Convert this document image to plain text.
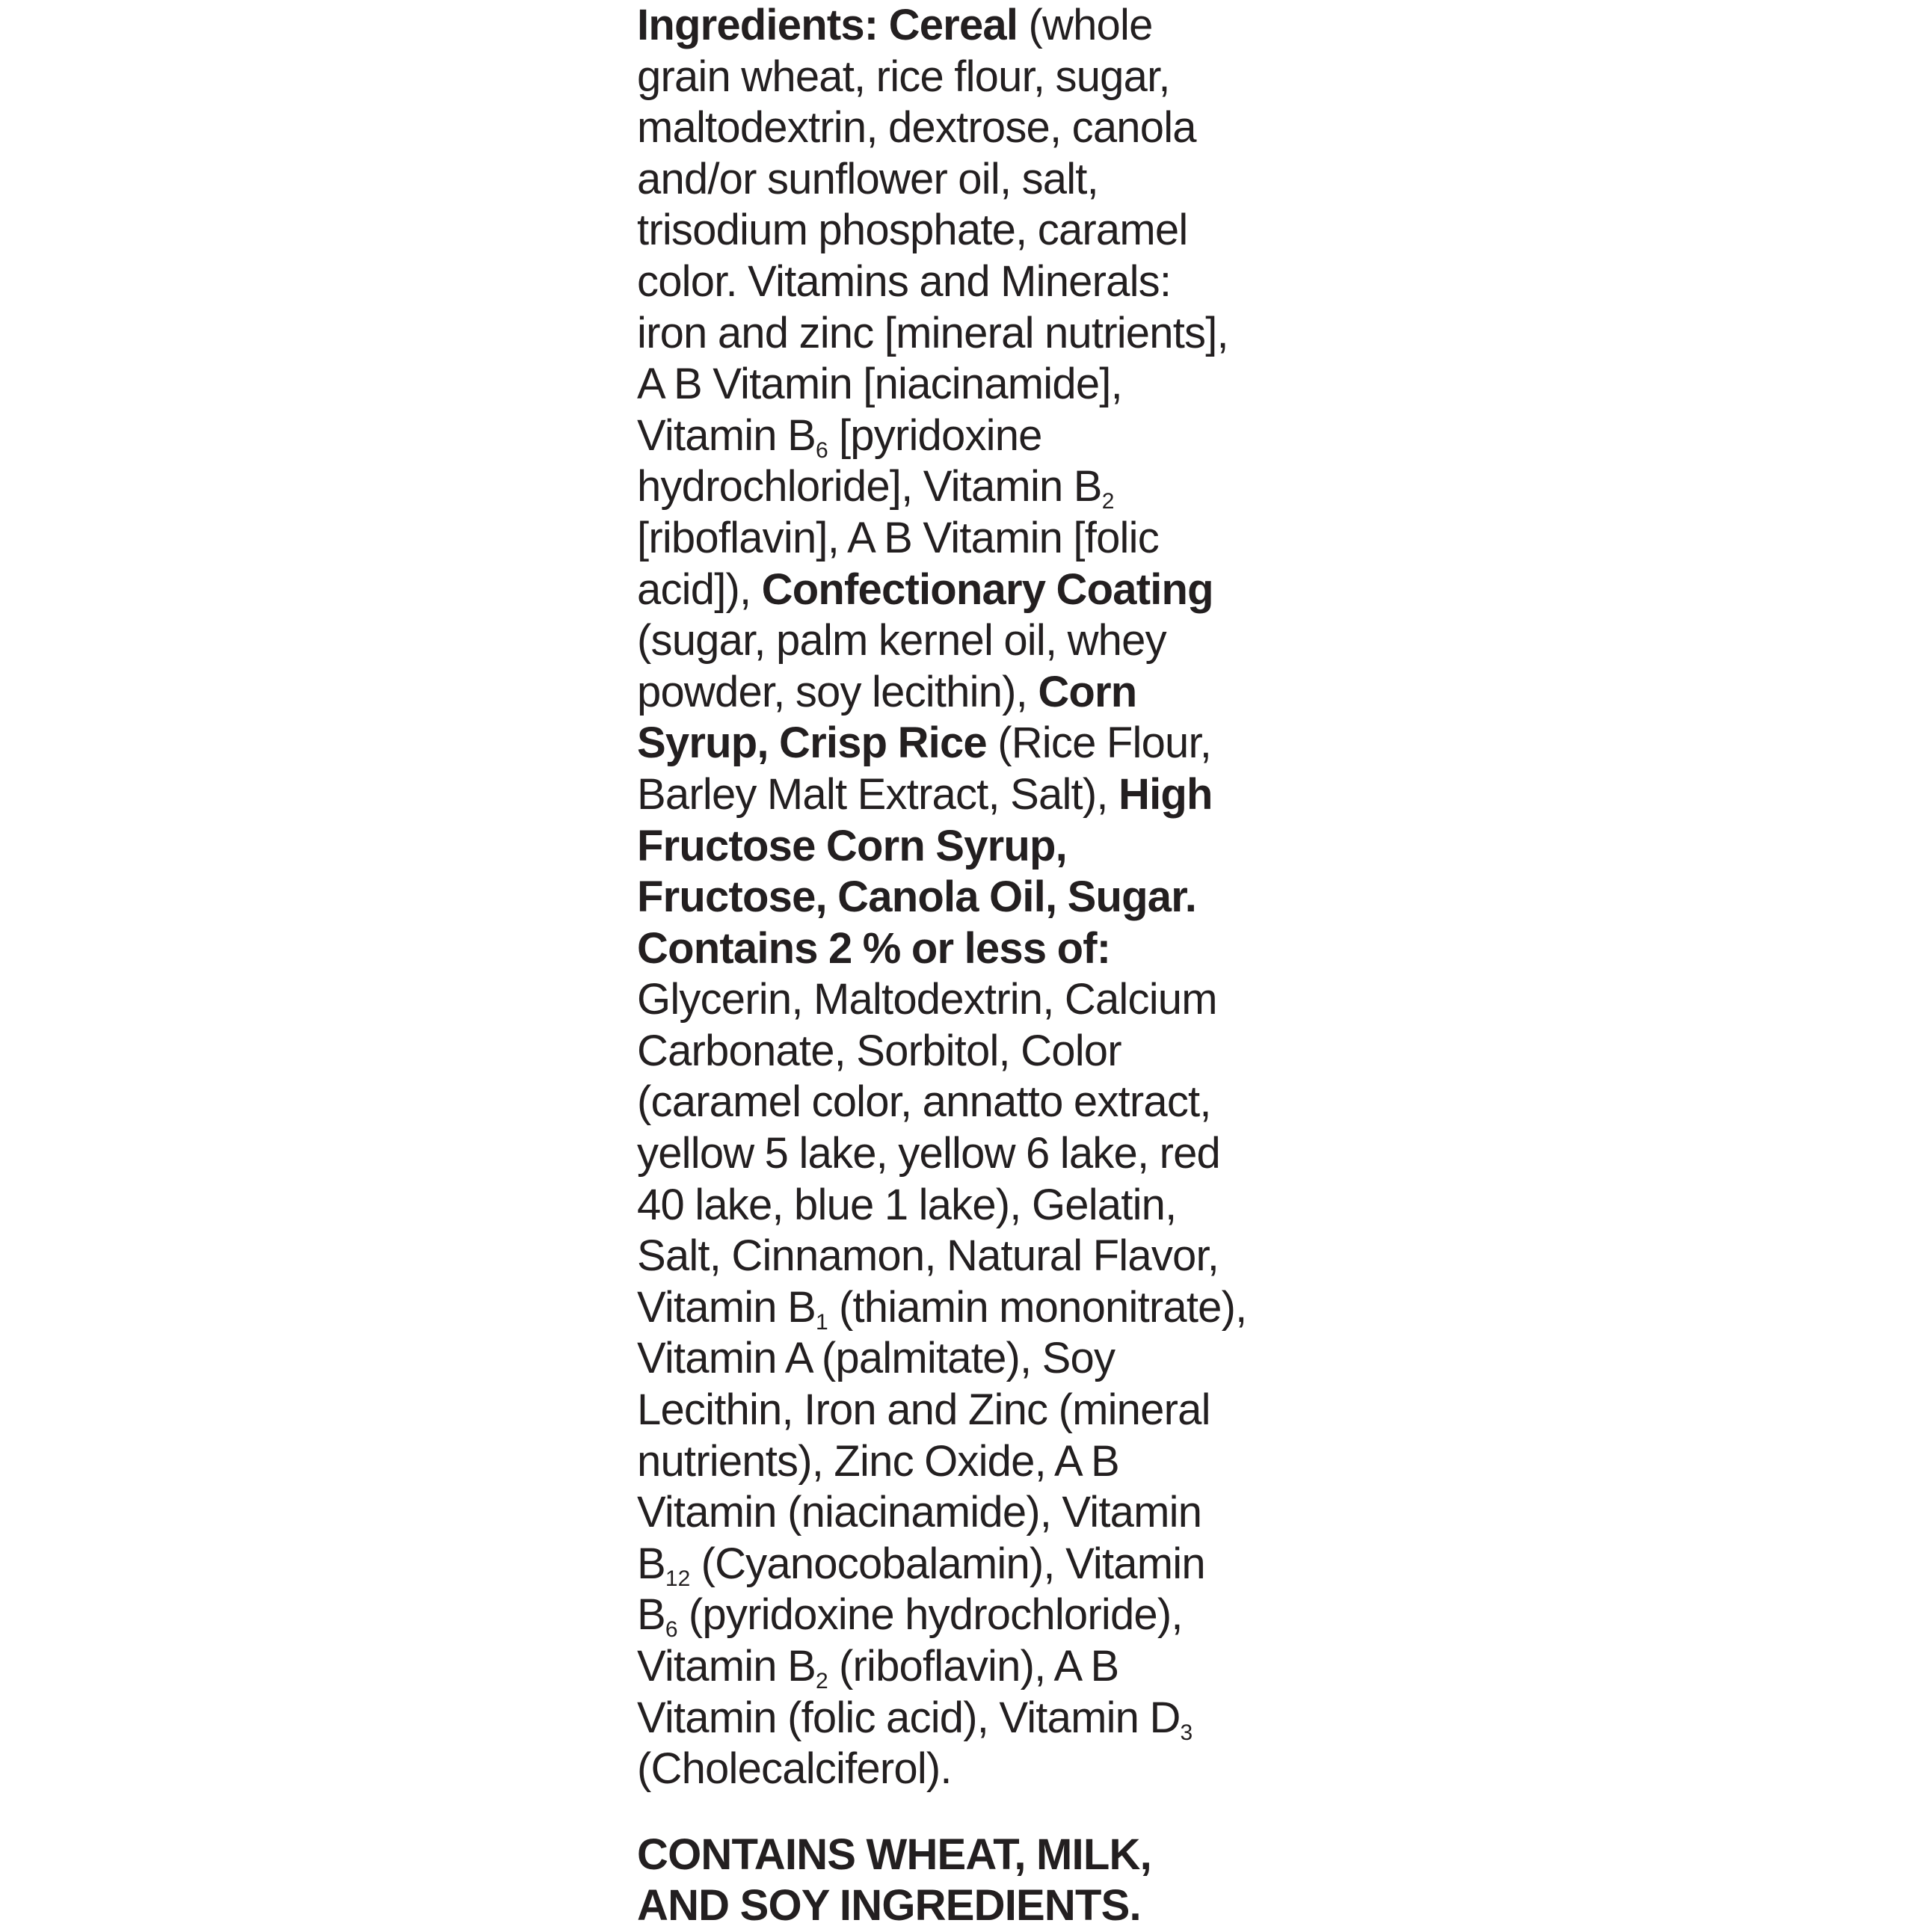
Ingredients: Cereal (whole
grain wheat, rice flour, sugar,
maltodextrin, dextrose, canola
and/or sunflower oil, salt,
trisodium phosphate, caramel
color. Vitamins and Minerals:
iron and zinc [mineral nutrients],
A B Vitamin [niacinamide],
Vitamin $B_6$ [pyridoxine
hydrochloride], Vitamin $B_2$
[riboflavin], A B Vitamin [folic
acid]), Confectionary Coating
(sugar, palm kernel oil, whey
powder, soy lecithin), Corn
Syrup, Crisp Rice (Rice Flour,
Barley Malt Extract, Salt), High
Fructose Corn Syrup,
Fructose, Canola Oil, Sugar.
Contains 2 % or less of:
Glycerin, Maltodextrin, Calcium
Carbonate, Sorbitol, Color
(caramel color, annatto extract,
yellow 5 lake, yellow 6 lake, red
40 lake, blue 1 lake), Gelatin,
Salt, Cinnamon, Natural Flavor,
Vitamin $B_1$ (thiamin mononitrate),
Vitamin A (palmitate), Soy
Lecithin, Iron and Zinc (mineral
nutrients), Zinc Oxide, A B
Vitamin (niacinamide), Vitamin
$B_{12}$ (Cyanocobalamin), Vitamin
$B_6$ (pyridoxine hydrochloride),
Vitamin $B_2$ (riboflavin), A B
Vitamin (folic acid), Vitamin $D_3$
(Cholecalciferol).
CONTAINS WHEAT, MILK,
AND SOY INGREDIENTS.
